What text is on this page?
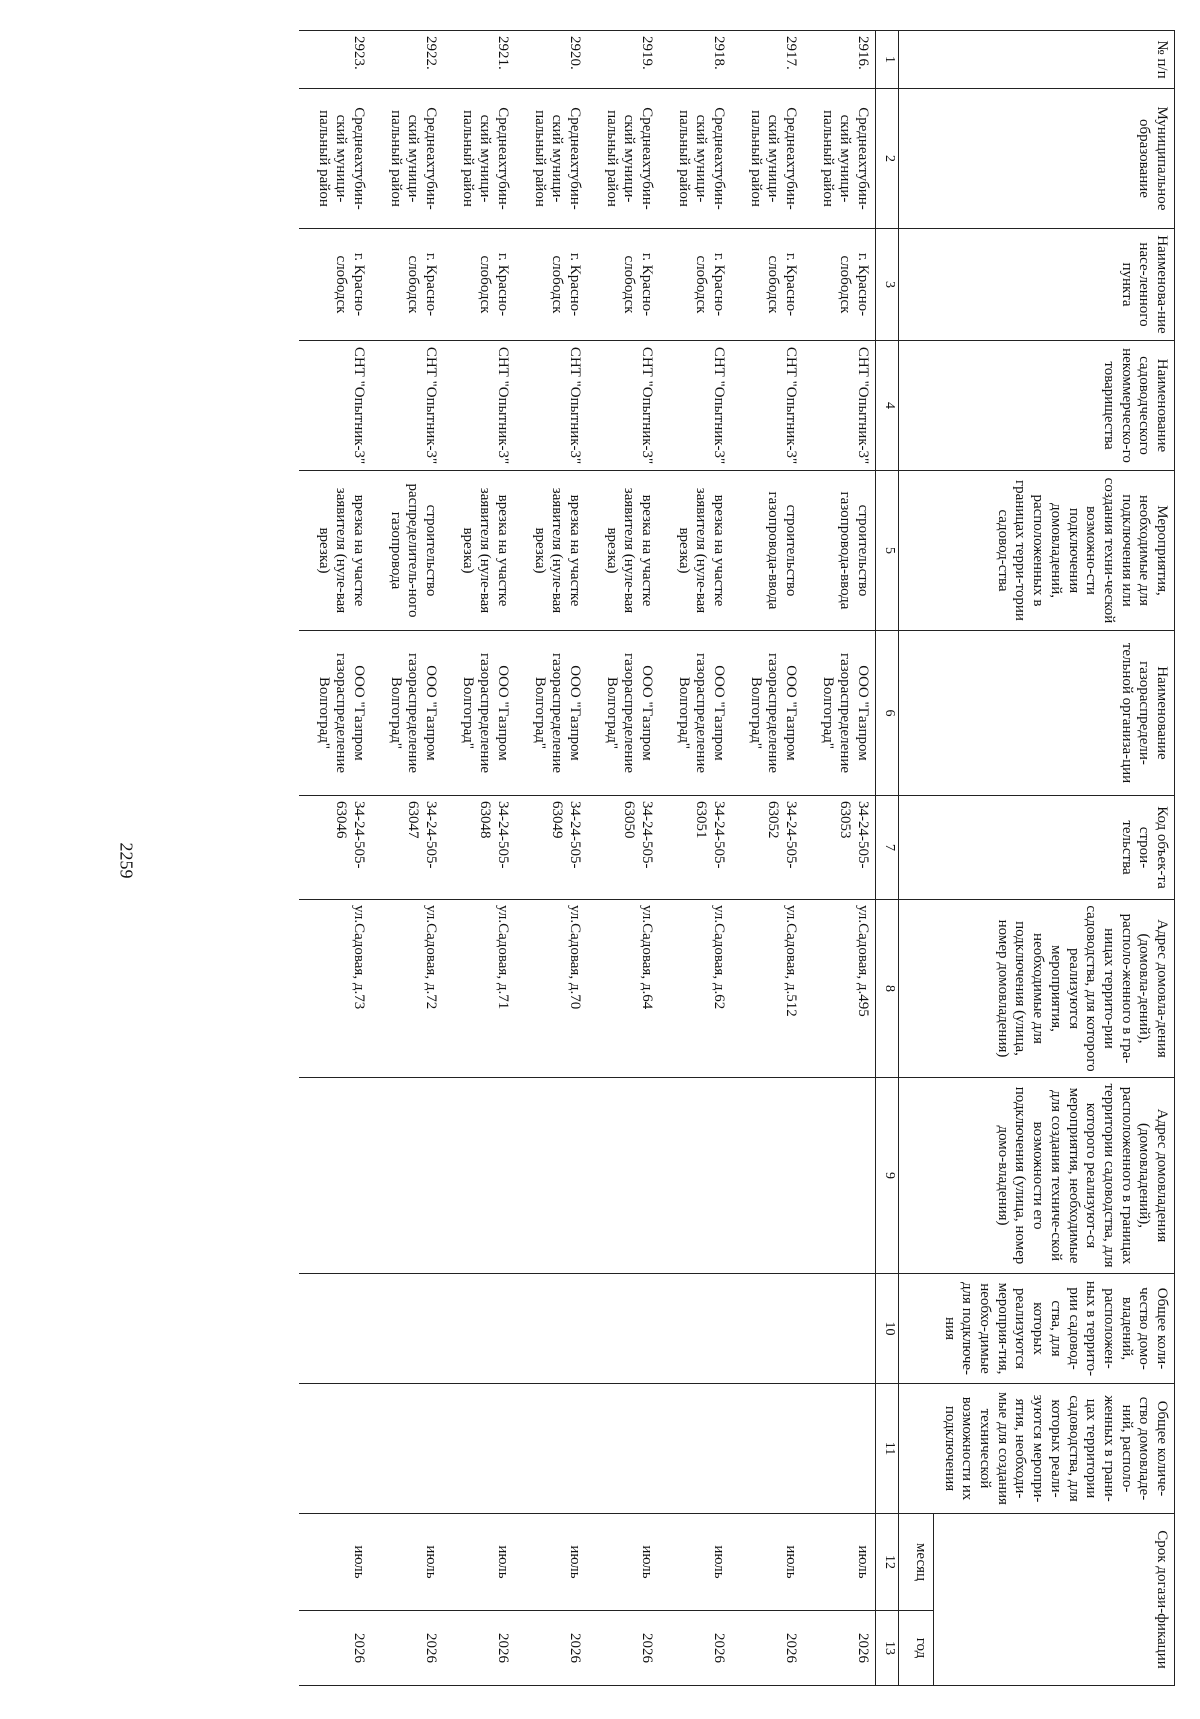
2259
№ п/п	Муниципальное образование	Наименова-ние насе-ленного пункта	Наименование садоводческого некоммерческо-го товарищества	Мероприятия, необходимые для подключения или создания техни-ческой возможно-сти подключения домовладений, расположенных в границах терри-тории садовод-ства	Наименование газораспредели-тельной организа-ции	Код объек-та строи-тельства	Адрес домовла-дения (домовла-дений), располо-женного в гра-ницах террито-рии садоводства, для которого реализуются мероприятия, необходимые для подключения (улица, номер домовладения)	Адрес домовладения (домовладений), расположенного в границах территории садоводства, для которого реализуют-ся мероприятия, необходимые для создания техниче-ской возможности его подключения (улица, номер домо-владения)	Общее коли-чество домо-владений, расположен-ных в террито-рии садовод-ства, для которых реализуются мероприя-тия, необхо-димые для подключе-ния	Общее количе-ство домовладе-ний, располо-женных в грани-цах территории садоводства, для которых реали-зуются меропри-ятия, необходи-мые для создания технической возможности их подключения	Срок догази-фикации	
											месяц	год
1	2	3	4	5	6	7	8	9	10	11	12	13
2916.	Среднеахтубин-ский муници-пальный район	г. Красно-слободск	СНТ "Опытник-3"	строительство газопровода-ввода	ООО "Газпром газораспределение Волгоград"	34-24-505-63053	ул.Садовая, д.495				июль	2026
2917.	Среднеахтубин-ский муници-пальный район	г. Красно-слободск	СНТ "Опытник-3"	строительство газопровода-ввода	ООО "Газпром газораспределение Волгоград"	34-24-505-63052	ул.Садовая, д.512				июль	2026
2918.	Среднеахтубин-ский муници-пальный район	г. Красно-слободск	СНТ "Опытник-3"	врезка на участке заявителя (нуле-вая врезка)	ООО "Газпром газораспределение Волгоград"	34-24-505-63051	ул.Садовая, д.62				июль	2026
2919.	Среднеахтубин-ский муници-пальный район	г. Красно-слободск	СНТ "Опытник-3"	врезка на участке заявителя (нуле-вая врезка)	ООО "Газпром газораспределение Волгоград"	34-24-505-63050	ул.Садовая, д.64				июль	2026
2920.	Среднеахтубин-ский муници-пальный район	г. Красно-слободск	СНТ "Опытник-3"	врезка на участке заявителя (нуле-вая врезка)	ООО "Газпром газораспределение Волгоград"	34-24-505-63049	ул.Садовая, д.70				июль	2026
2921.	Среднеахтубин-ский муници-пальный район	г. Красно-слободск	СНТ "Опытник-3"	врезка на участке заявителя (нуле-вая врезка)	ООО "Газпром газораспределение Волгоград"	34-24-505-63048	ул.Садовая, д.71				июль	2026
2922.	Среднеахтубин-ский муници-пальный район	г. Красно-слободск	СНТ "Опытник-3"	строительство распределитель-ного газопровода	ООО "Газпром газораспределение Волгоград"	34-24-505-63047	ул.Садовая, д.72				июль	2026
2923.	Среднеахтубин-ский муници-пальный район	г. Красно-слободск	СНТ "Опытник-3"	врезка на участке заявителя (нуле-вая врезка)	ООО "Газпром газораспределение Волгоград"	34-24-505-63046	ул.Садовая, д.73				июль	2026
